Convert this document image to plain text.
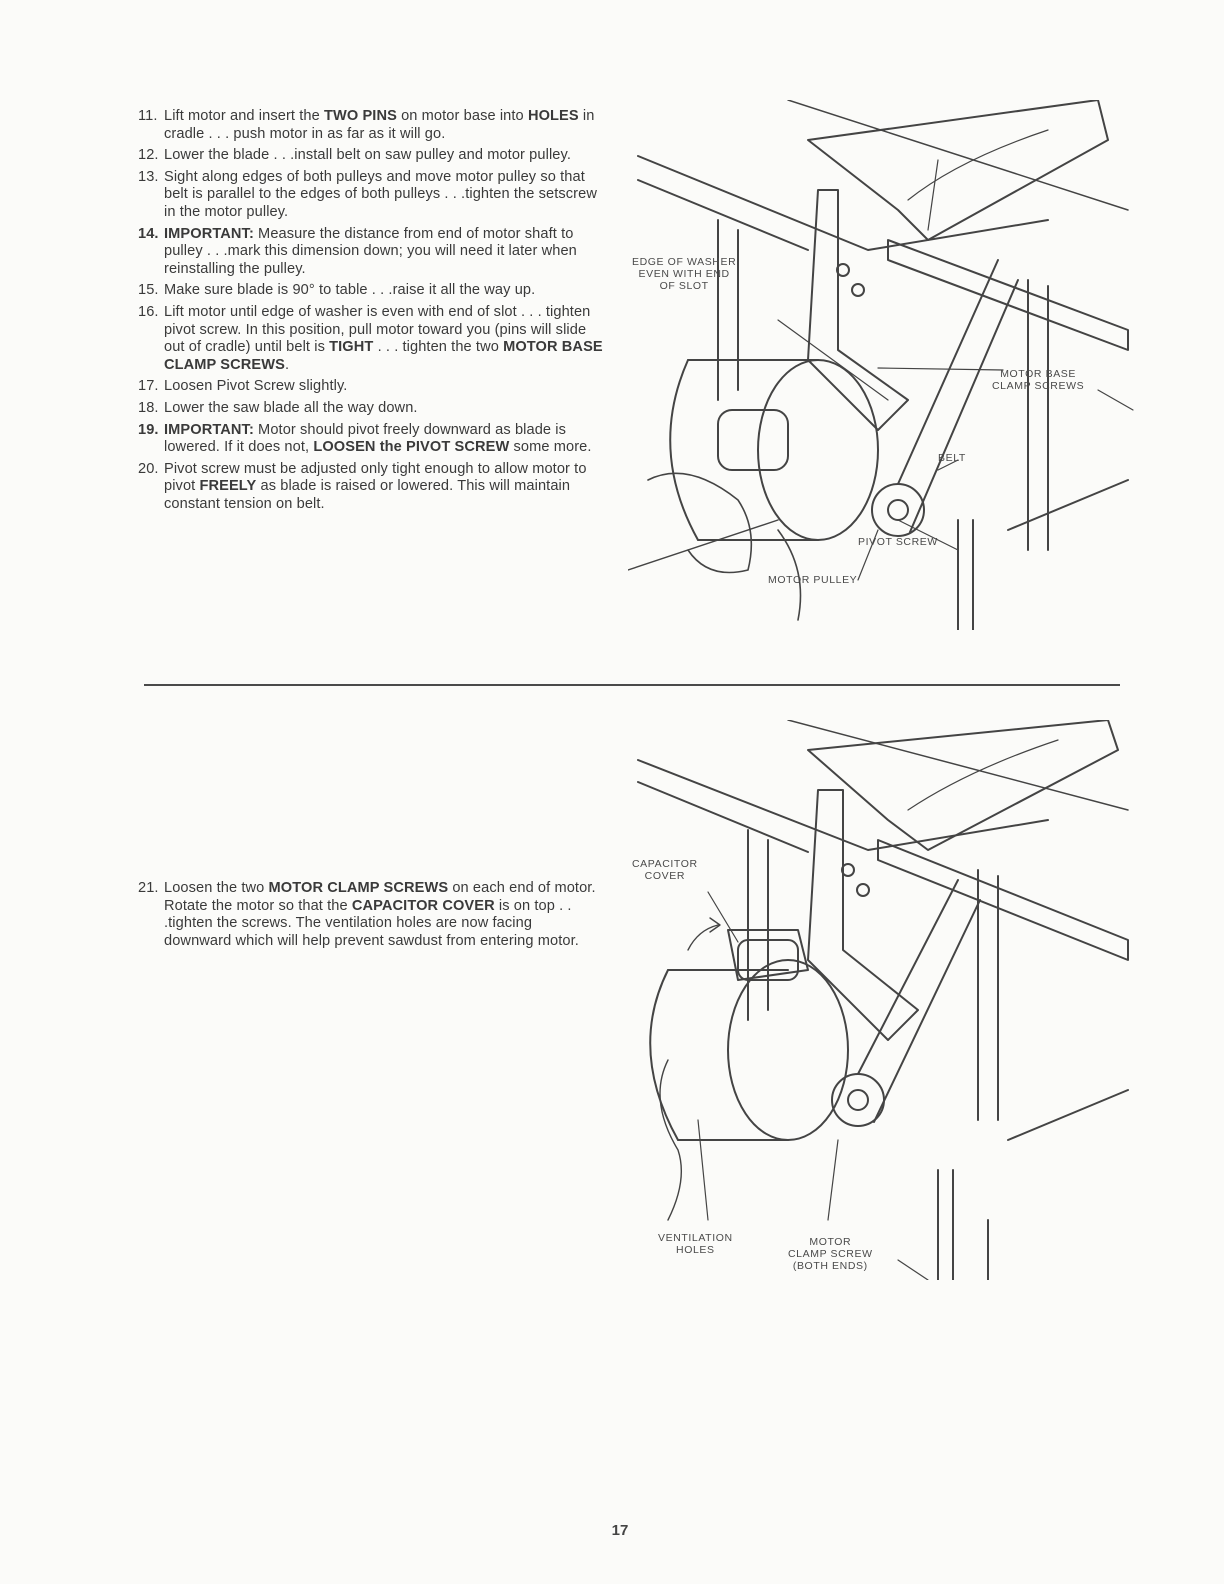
11. Lift motor and insert the TWO PINS on motor base into HOLES in cradle . . . push motor in as far as it will go.
12. Lower the blade . . .install belt on saw pulley and motor pulley.
13. Sight along edges of both pulleys and move motor pulley so that belt is parallel to the edges of both pulleys . . .tighten the setscrew in the motor pulley.
14. IMPORTANT: Measure the distance from end of motor shaft to pulley . . .mark this dimension down; you will need it later when reinstalling the pulley.
15. Make sure blade is 90° to table . . .raise it all the way up.
16. Lift motor until edge of washer is even with end of slot . . . tighten pivot screw. In this position, pull motor toward you (pins will slide out of cradle) until belt is TIGHT . . . tighten the two MOTOR BASE CLAMP SCREWS.
17. Loosen Pivot Screw slightly.
18. Lower the saw blade all the way down.
19. IMPORTANT: Motor should pivot freely downward as blade is lowered. If it does not, LOOSEN the PIVOT SCREW some more.
20. Pivot screw must be adjusted only tight enough to allow motor to pivot FREELY as blade is raised or lowered. This will maintain constant tension on belt.
EDGE OF WASHER
EVEN WITH END
OF SLOT
MOTOR BASE
CLAMP SCREWS
BELT
PIVOT SCREW
MOTOR PULLEY
21. Loosen the two MOTOR CLAMP SCREWS on each end of motor. Rotate the motor so that the CAPACITOR COVER is on top . . .tighten the screws. The ventilation holes are now facing downward which will help prevent sawdust from entering motor.
CAPACITOR
COVER
VENTILATION
HOLES
MOTOR
CLAMP SCREW
(BOTH ENDS)
17
